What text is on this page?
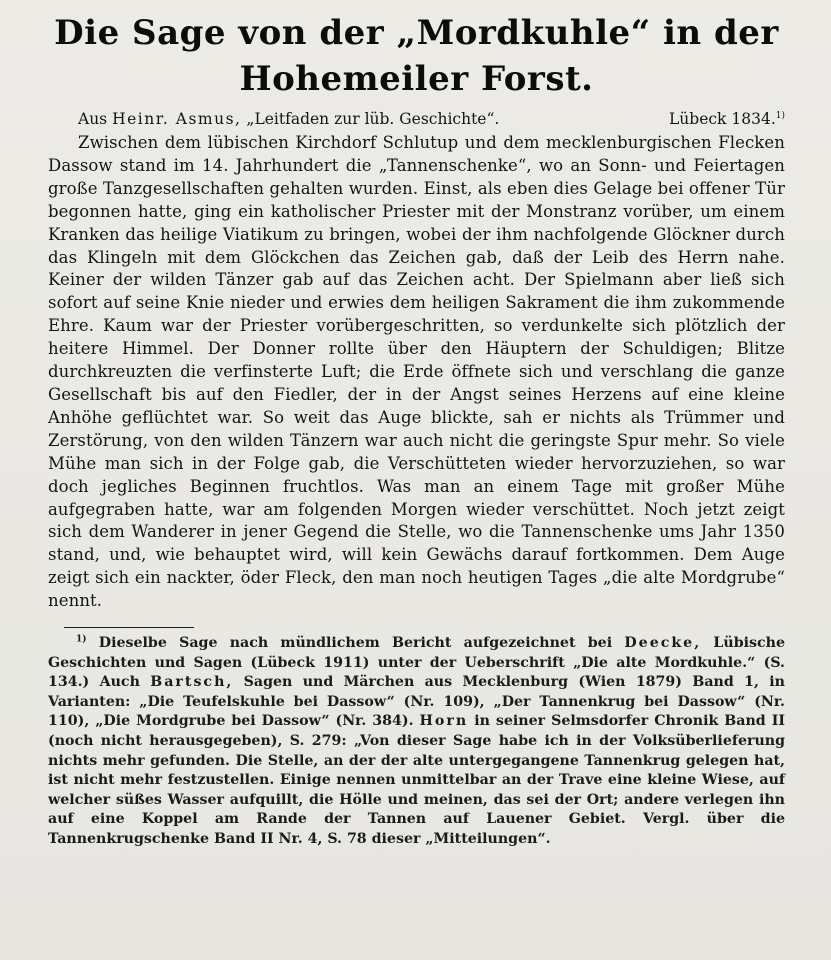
Die Sage von der „Mordkuhle“ in der
Hohemeiler Forst.
Aus Heinr. Asmus, „Leitfaden zur lüb. Geschichte“.	Lübeck 1834.$^{1)}$

Zwischen dem lübischen Kirchdorf Schlutup und dem mecklenburgischen Flecken Dassow stand im 14. Jahrhundert die „Tannenschenke“, wo an Sonn- und Feiertagen große Tanzgesellschaften gehalten wurden. Einst, als eben dies Gelage bei offener Tür begonnen hatte, ging ein katholischer Priester mit der Monstranz vorüber, um einem Kranken das heilige Viatikum zu bringen, wobei der ihm nachfolgende Glöckner durch das Klingeln mit dem Glöckchen das Zeichen gab, daß der Leib des Herrn nahe. Keiner der wilden Tänzer gab auf das Zeichen acht. Der Spielmann aber ließ sich sofort auf seine Knie nieder und erwies dem heiligen Sakrament die ihm zukommende Ehre. Kaum war der Priester vorübergeschritten, so verdunkelte sich plötzlich der heitere Himmel. Der Donner rollte über den Häuptern der Schuldigen; Blitze durchkreuzten die verfinsterte Luft; die Erde öffnete sich und verschlang die ganze Gesellschaft bis auf den Fiedler, der in der Angst seines Herzens auf eine kleine Anhöhe geflüchtet war. So weit das Auge blickte, sah er nichts als Trümmer und Zerstörung, von den wilden Tänzern war auch nicht die geringste Spur mehr. So viele Mühe man sich in der Folge gab, die Verschütteten wieder hervorzuziehen, so war doch jegliches Beginnen fruchtlos. Was man an einem Tage mit großer Mühe aufgegraben hatte, war am folgenden Morgen wieder verschüttet. Noch jetzt zeigt sich dem Wanderer in jener Gegend die Stelle, wo die Tannenschenke ums Jahr 1350 stand, und, wie behauptet wird, will kein Gewächs darauf fortkommen. Dem Auge zeigt sich ein nackter, öder Fleck, den man noch heutigen Tages „die alte Mordgrube“ nennt.

$^{1)}$ Dieselbe Sage nach mündlichem Bericht aufgezeichnet bei Deecke, Lübische Geschichten und Sagen (Lübeck 1911) unter der Ueberschrift „Die alte Mordkuhle.“ (S. 134.) Auch Bartsch, Sagen und Märchen aus Mecklenburg (Wien 1879) Band 1, in Varianten: „Die Teufelskuhle bei Dassow“ (Nr. 109), „Der Tannenkrug bei Dassow“ (Nr. 110), „Die Mordgrube bei Dassow“ (Nr. 384). Horn in seiner Selmsdorfer Chronik Band II (noch nicht herausgegeben), S. 279: „Von dieser Sage habe ich in der Volksüberlieferung nichts mehr gefunden. Die Stelle, an der der alte untergegangene Tannenkrug gelegen hat, ist nicht mehr festzustellen. Einige nennen unmittelbar an der Trave eine kleine Wiese, auf welcher süßes Wasser aufquillt, die Hölle und meinen, das sei der Ort; andere verlegen ihn auf eine Koppel am Rande der Tannen auf Lauener Gebiet. Vergl. über die Tannenkrugschenke Band II Nr. 4, S. 78 dieser „Mitteilungen“.
